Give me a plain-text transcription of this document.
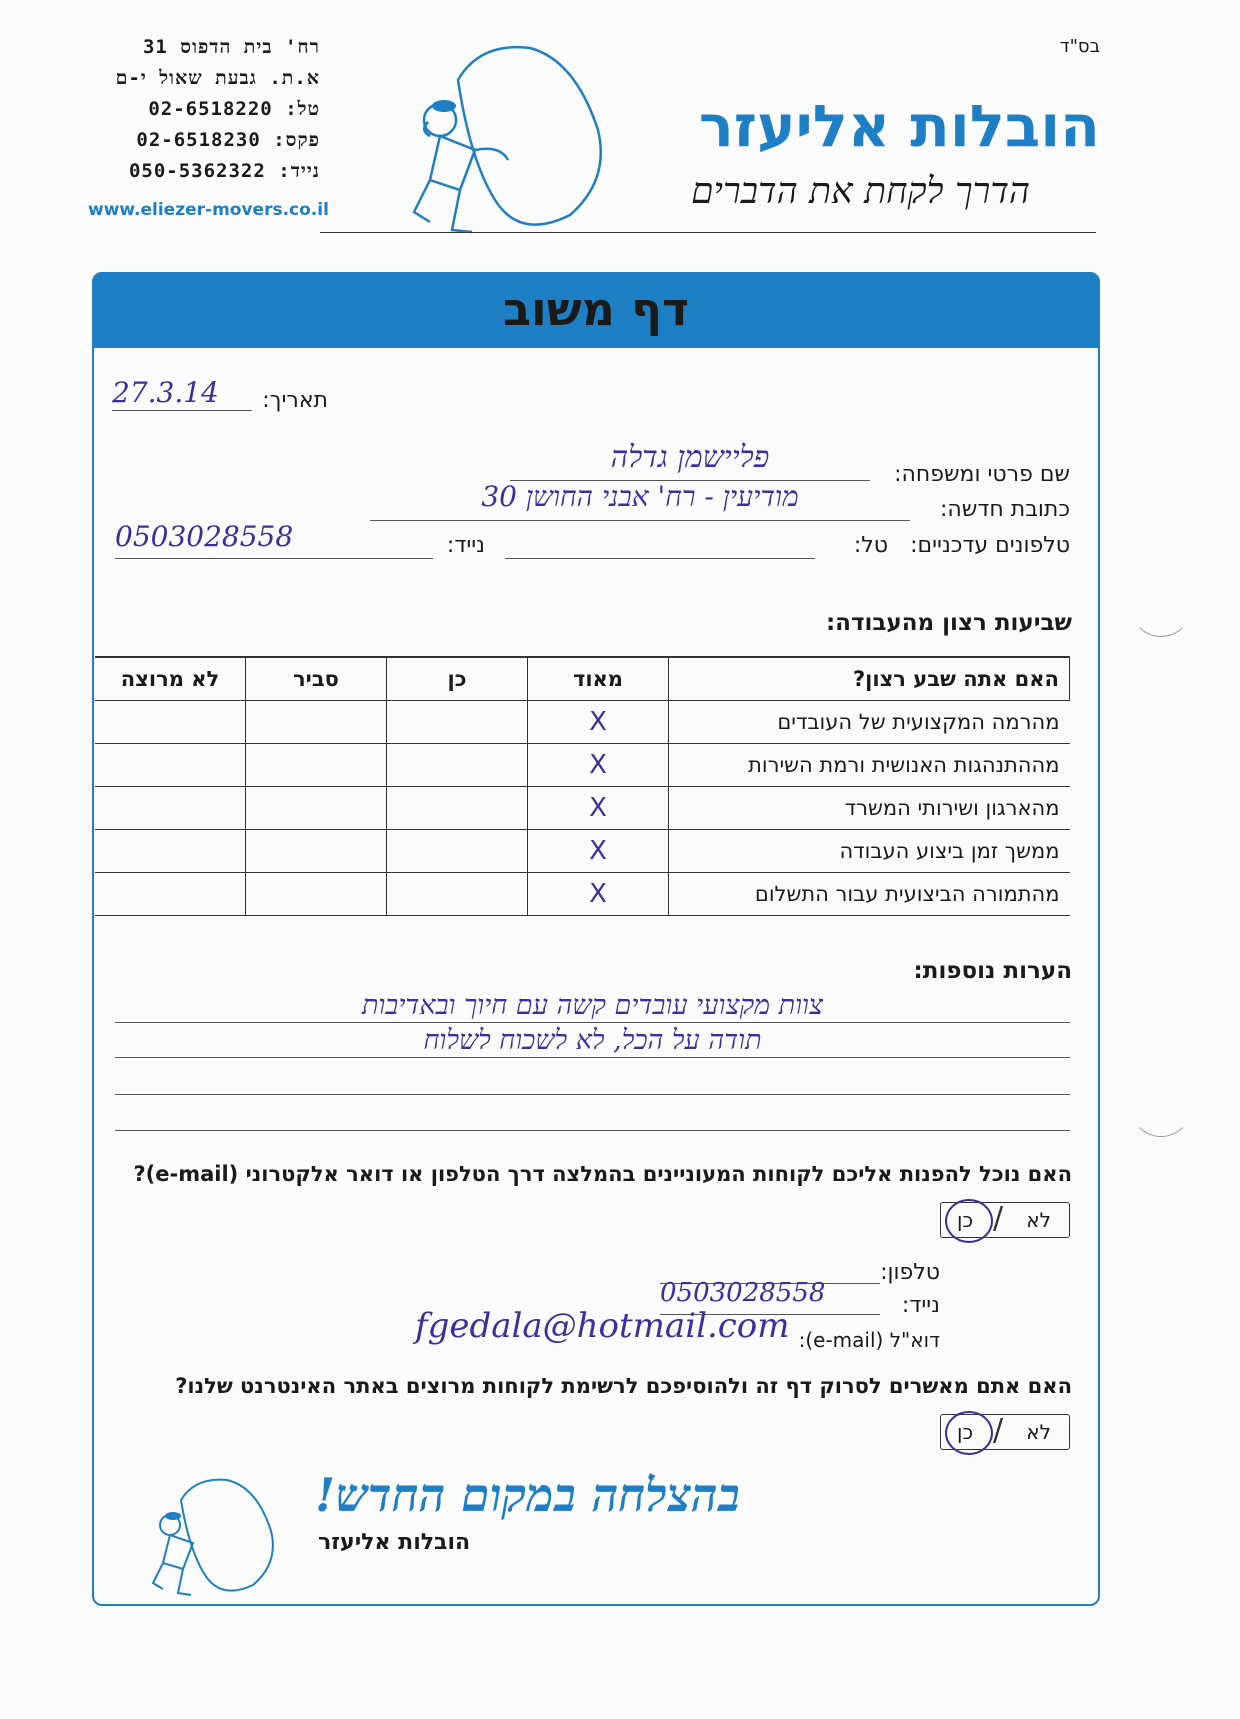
בס"ד
רח' בית הדפוס 31
א.ת. גבעת שאול י-ם
טל: 02-6518220
פקס: 02-6518230
נייד: 050-5362322
www.eliezer-movers.co.il
הובלות אליעזר
הדרך לקחת את הדברים
דף משוב
תאריך:
27.3.14
שם פרטי ומשפחה:
פליישמן גדלה
כתובת חדשה:
מודיעין - רח' אבני החושן 30
טלפונים עדכניים:
טל:
נייד:
0503028558
שביעות רצון מהעבודה:
האם אתה שבע רצון?	מאוד	כן	סביר	לא מרוצה
מהרמה המקצועית של העובדים	X			
מההתנהגות האנושית ורמת השירות	X			
מהארגון ושירותי המשרד	X			
ממשך זמן ביצוע העבודה	X			
מהתמורה הביצועית עבור התשלום	X			
הערות נוספות:
צוות מקצועי עובדים קשה עם חיוך ובאדיבות
תודה על הכל, לא לשכוח לשלוח
האם נוכל להפנות אליכם לקוחות המעוניינים בהמלצה דרך הטלפון או דואר אלקטרוני (e-mail)?
לא
/
כן
טלפון:
נייד:
0503028558
דוא"ל (e-mail):
fgedala@hotmail.com
האם אתם מאשרים לסרוק דף זה ולהוסיפכם לרשימת לקוחות מרוצים באתר האינטרנט שלנו?
לא
/
כן
בהצלחה במקום החדש!
הובלות אליעזר
